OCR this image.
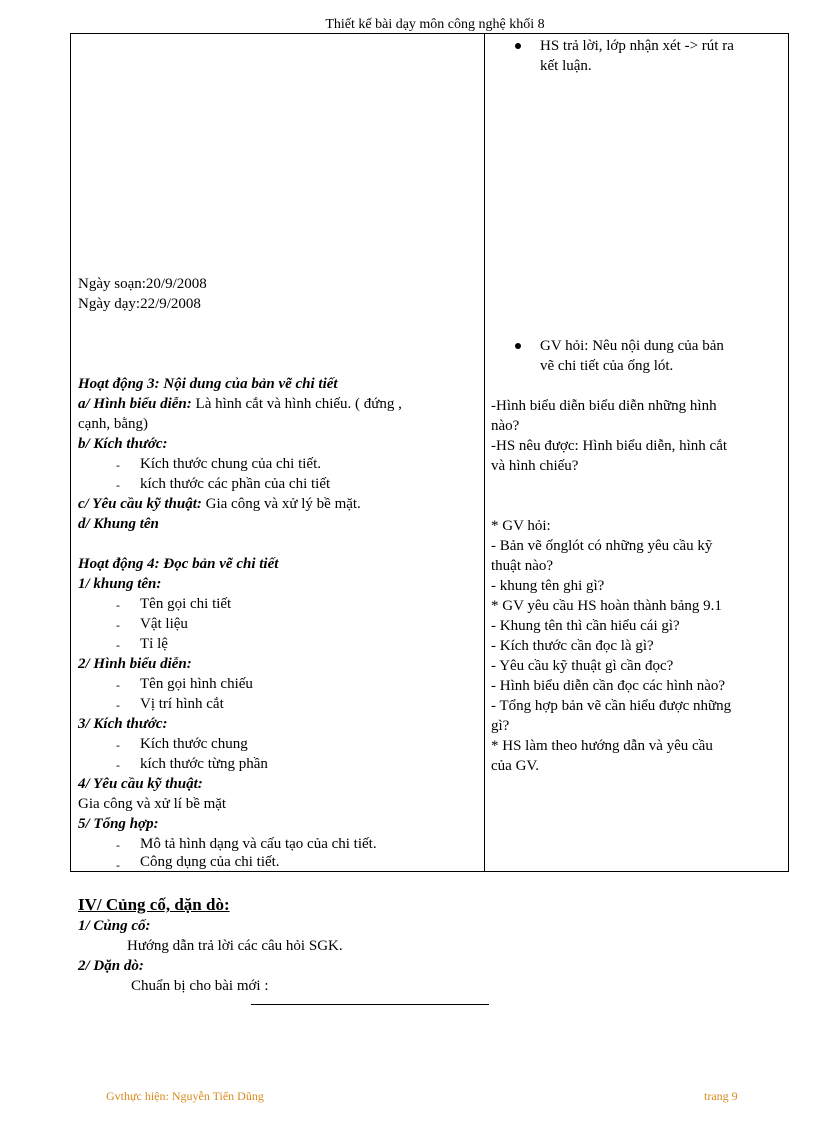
Thiết kế bài dạy môn công nghệ khối 8
Ngày soạn:20/9/2008
Ngày dạy:22/9/2008
Hoạt động 3: Nội dung của bản vẽ chi tiết
a/ Hình biểu diễn: Là hình cắt và hình chiếu. ( đứng ,
cạnh, bằng)
b/ Kích thước:
- Kích thước chung của chi tiết.
- kích thước các phần của chi tiết
c/ Yêu cầu kỹ thuật: Gia công và xử lý bề mặt.
d/ Khung tên
Hoạt động 4: Đọc bản vẽ chi tiết
1/ khung tên:
- Tên gọi chi tiết
- Vật liệu
- Tỉ lệ
2/ Hình biểu diễn:
- Tên gọi hình chiếu
- Vị trí hình cắt
3/ Kích thước:
- Kích thước chung
- kích thước từng phần
4/ Yêu cầu kỹ thuật:
Gia công và xử lí bề mặt
5/ Tổng hợp:
- Mô tả hình dạng và cấu tạo của chi tiết.
- Công dụng của chi tiết.
HS trả lời, lớp nhận xét -> rút ra
kết luận.
GV hỏi: Nêu nội dung của bản
vẽ chi tiết của ống lót.
-Hình biểu diễn biểu diễn những hình
nào?
-HS nêu được: Hình biểu diễn, hình cắt
và hình chiếu?
* GV hỏi:
- Bản vẽ ốnglót có những yêu cầu kỹ
thuật nào?
- khung tên ghi gì?
* GV yêu cầu HS hoàn thành bảng 9.1
- Khung tên thì cần hiểu cái gì?
- Kích thước cần đọc là gì?
- Yêu cầu kỹ thuật gì cần đọc?
- Hình biểu diễn cần đọc các hình nào?
- Tổng hợp bản vẽ cần hiểu được những
gì?
* HS làm theo hướng dẫn và yêu cầu
của GV.
IV/ Củng cố, dặn dò:
1/ Củng cố:
Hướng dẫn trả lời các câu hỏi SGK.
2/ Dặn dò:
Chuẩn bị cho bài mới :
Gvthực hiện: Nguyễn Tiến Dũng	trang 9
